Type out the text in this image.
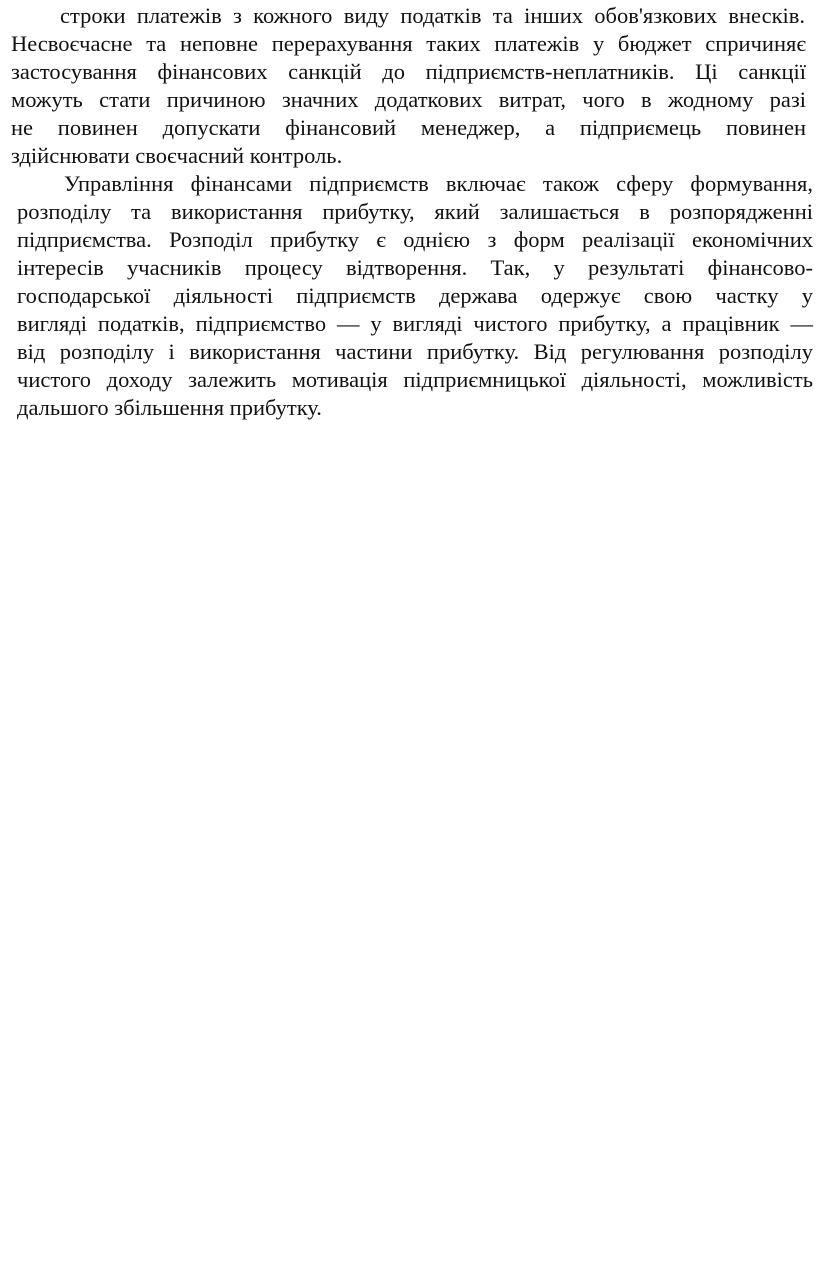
строки платежів з кожного виду податків та інших обов'язкових внесків.
Несвоєчасне та неповне перерахування таких платежів у бюджет спричиняє
застосування фінансових санкцій до підприємств-неплатників. Ці санкції
можуть стати причиною значних додаткових витрат, чого в жодному разі
не повинен допускати фінансовий менеджер, а підприємець повинен
здійснювати своєчасний контроль.
Управління фінансами підприємств включає також сферу формування,
розподілу та використання прибутку, який залишається в розпорядженні
підприємства. Розподіл прибутку є однією з форм реалізації економічних
інтересів учасників процесу відтворення. Так, у результаті фінансово-
господарської діяльності підприємств держава одержує свою частку у
вигляді податків, підприємство — у вигляді чистого прибутку, а працівник —
від розподілу і використання частини прибутку. Від регулювання розподілу
чистого доходу залежить мотивація підприємницької діяльності, можливість
дальшого збільшення прибутку.
